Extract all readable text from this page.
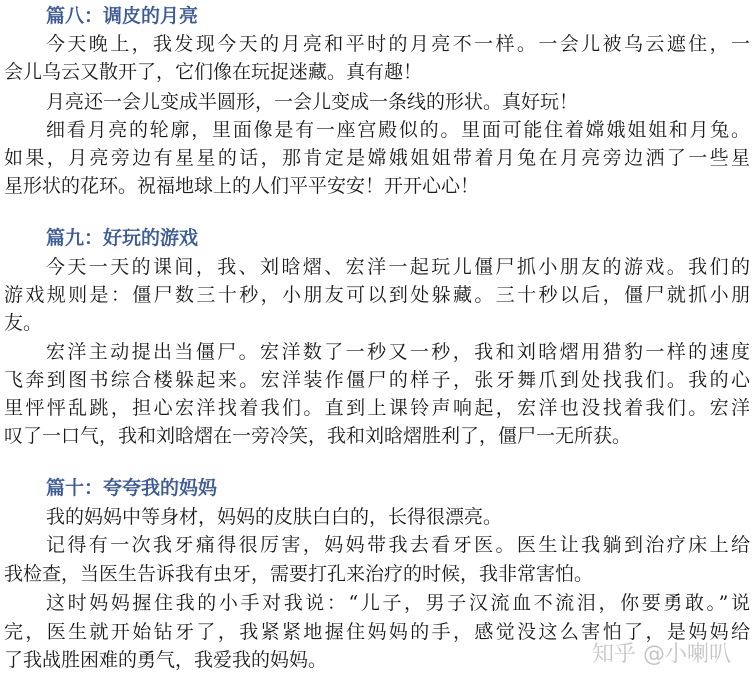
篇八：调皮的月亮
今天晚上，我发现今天的月亮和平时的月亮不一样。一会儿被乌云遮住，一
会儿乌云又散开了，它们像在玩捉迷藏。真有趣！
月亮还一会儿变成半圆形，一会儿变成一条线的形状。真好玩！
细看月亮的轮廓，里面像是有一座宫殿似的。里面可能住着嫦娥姐姐和月兔。
如果，月亮旁边有星星的话，那肯定是嫦娥姐姐带着月兔在月亮旁边洒了一些星
星形状的花环。祝福地球上的人们平平安安！开开心心！
篇九：好玩的游戏
今天一天的课间，我、刘晗熠、宏洋一起玩儿僵尸抓小朋友的游戏。我们的
游戏规则是：僵尸数三十秒，小朋友可以到处躲藏。三十秒以后，僵尸就抓小朋
友。
宏洋主动提出当僵尸。宏洋数了一秒又一秒，我和刘晗熠用猎豹一样的速度
飞奔到图书综合楼躲起来。宏洋装作僵尸的样子，张牙舞爪到处找我们。我的心
里怦怦乱跳，担心宏洋找着我们。直到上课铃声响起，宏洋也没找着我们。宏洋
叹了一口气，我和刘晗熠在一旁冷笑，我和刘晗熠胜利了，僵尸一无所获。
篇十：夸夸我的妈妈
我的妈妈中等身材，妈妈的皮肤白白的，长得很漂亮。
记得有一次我牙痛得很厉害，妈妈带我去看牙医。医生让我躺到治疗床上给
我检查，当医生告诉我有虫牙，需要打孔来治疗的时候，我非常害怕。
这时妈妈握住我的小手对我说：“儿子，男子汉流血不流泪，你要勇敢。”说
完，医生就开始钻牙了，我紧紧地握住妈妈的手，感觉没这么害怕了，是妈妈给
了我战胜困难的勇气，我爱我的妈妈。	知乎 @小喇叭
